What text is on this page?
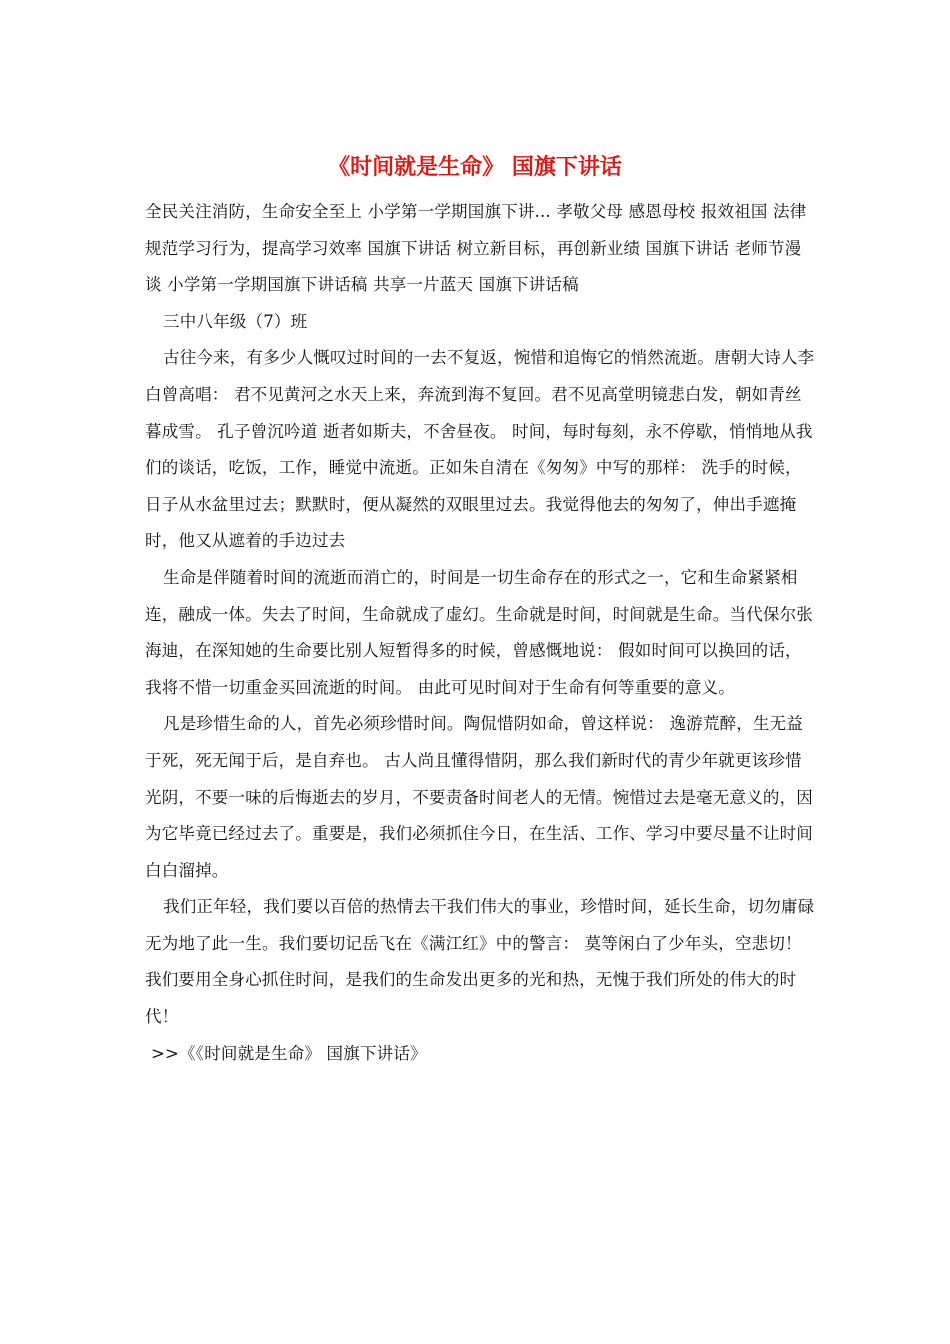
《时间就是生命》 国旗下讲话

全民关注消防，生命安全至上 小学第一学期国旗下讲... 孝敬父母 感恩母校 报效祖国 法律规范学习行为，提高学习效率 国旗下讲话 树立新目标，再创新业绩 国旗下讲话 老师节漫谈 小学第一学期国旗下讲话稿 共享一片蓝天 国旗下讲话稿

三中八年级（7）班

古往今来，有多少人慨叹过时间的一去不复返，惋惜和追悔它的悄然流逝。唐朝大诗人李白曾高唱： 君不见黄河之水天上来，奔流到海不复回。君不见高堂明镜悲白发，朝如青丝暮成雪。 孔子曾沉吟道 逝者如斯夫，不舍昼夜。 时间，每时每刻，永不停歇，悄悄地从我们的谈话，吃饭，工作，睡觉中流逝。正如朱自清在《匆匆》中写的那样： 洗手的时候，日子从水盆里过去；默默时，便从凝然的双眼里过去。我觉得他去的匆匆了，伸出手遮掩时，他又从遮着的手边过去

生命是伴随着时间的流逝而消亡的，时间是一切生命存在的形式之一，它和生命紧紧相连，融成一体。失去了时间，生命就成了虚幻。生命就是时间，时间就是生命。当代保尔张海迪，在深知她的生命要比别人短暂得多的时候，曾感慨地说： 假如时间可以换回的话，我将不惜一切重金买回流逝的时间。 由此可见时间对于生命有何等重要的意义。

凡是珍惜生命的人，首先必须珍惜时间。陶侃惜阴如命，曾这样说： 逸游荒醉，生无益于死，死无闻于后，是自弃也。 古人尚且懂得惜阴，那么我们新时代的青少年就更该珍惜光阴，不要一味的后悔逝去的岁月，不要责备时间老人的无情。惋惜过去是毫无意义的，因为它毕竟已经过去了。重要是，我们必须抓住今日，在生活、工作、学习中要尽量不让时间白白溜掉。

我们正年轻，我们要以百倍的热情去干我们伟大的事业，珍惜时间，延长生命，切勿庸碌无为地了此一生。我们要切记岳飞在《满江红》中的警言： 莫等闲白了少年头，空悲切！ 我们要用全身心抓住时间，是我们的生命发出更多的光和热，无愧于我们所处的伟大的时代！

>>《《时间就是生命》 国旗下讲话》
